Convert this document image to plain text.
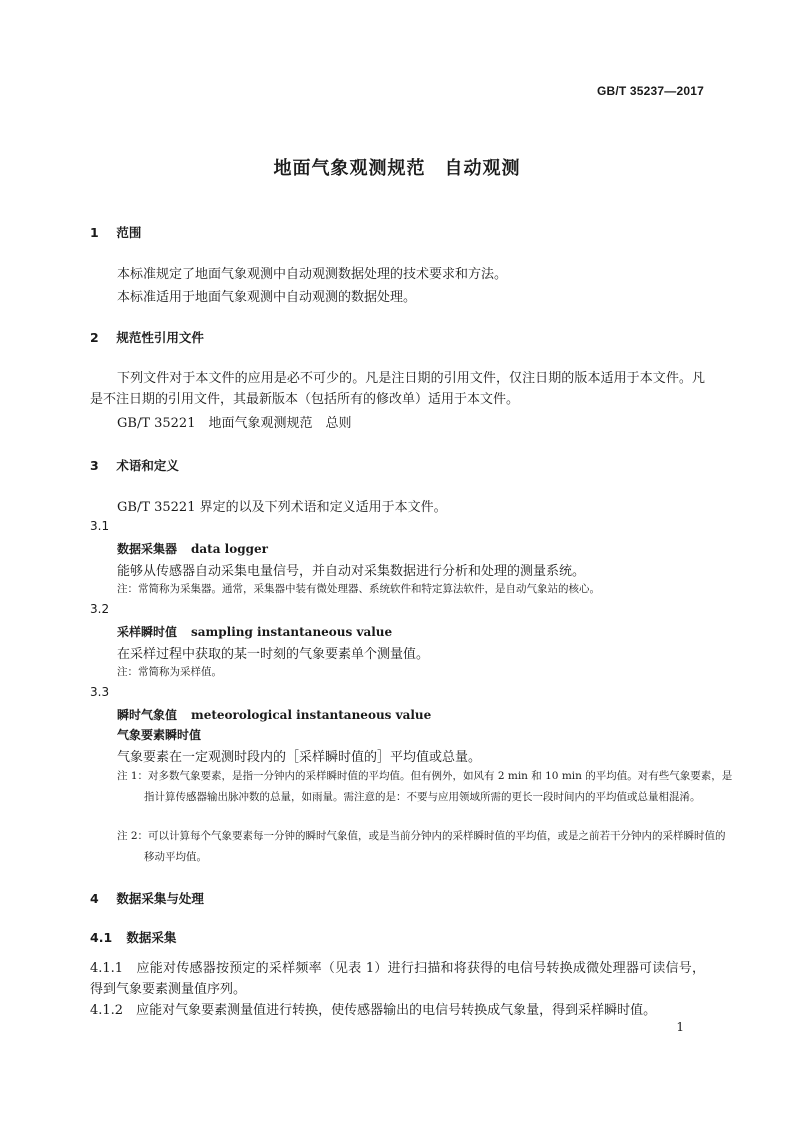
GB/T 35237—2017
地面气象观测规范　自动观测
1 范围
本标准规定了地面气象观测中自动观测数据处理的技术要求和方法。
本标准适用于地面气象观测中自动观测的数据处理。
2 规范性引用文件
下列文件对于本文件的应用是必不可少的。凡是注日期的引用文件，仅注日期的版本适用于本文件。凡是不注日期的引用文件，其最新版本（包括所有的修改单）适用于本文件。
GB/T 35221　地面气象观测规范　总则
3 术语和定义
GB/T 35221 界定的以及下列术语和定义适用于本文件。
3.1
数据采集器 data logger
能够从传感器自动采集电量信号，并自动对采集数据进行分析和处理的测量系统。
注：常简称为采集器。通常，采集器中装有微处理器、系统软件和特定算法软件，是自动气象站的核心。
3.2
采样瞬时值 sampling instantaneous value
在采样过程中获取的某一时刻的气象要素单个测量值。
注：常简称为采样值。
3.3
瞬时气象值 meteorological instantaneous value
气象要素瞬时值
气象要素在一定观测时段内的［采样瞬时值的］平均值或总量。
注 1：对多数气象要素，是指一分钟内的采样瞬时值的平均值。但有例外，如风有 2 min 和 10 min 的平均值。对有些气象要素，是指计算传感器输出脉冲数的总量，如雨量。需注意的是：不要与应用领域所需的更长一段时间内的平均值或总量相混淆。
注 2：可以计算每个气象要素每一分钟的瞬时气象值，或是当前分钟内的采样瞬时值的平均值，或是之前若干分钟内的采样瞬时值的移动平均值。
4 数据采集与处理
4.1 数据采集
4.1.1　应能对传感器按预定的采样频率（见表 1）进行扫描和将获得的电信号转换成微处理器可读信号，得到气象要素测量值序列。
4.1.2　应能对气象要素测量值进行转换，使传感器输出的电信号转换成气象量，得到采样瞬时值。
1
